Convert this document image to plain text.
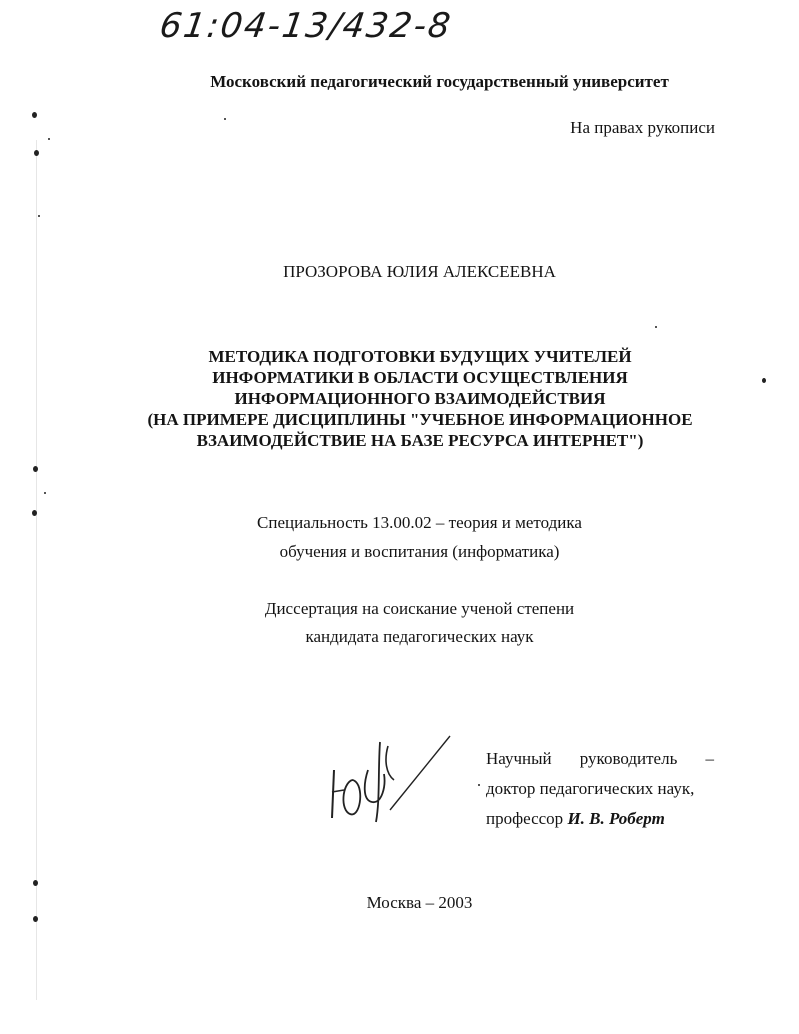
61:04-13/432-8
Московский педагогический государственный университет
На правах рукописи
ПРОЗОРОВА ЮЛИЯ АЛЕКСЕЕВНА
МЕТОДИКА ПОДГОТОВКИ БУДУЩИХ УЧИТЕЛЕЙ
ИНФОРМАТИКИ В ОБЛАСТИ ОСУЩЕСТВЛЕНИЯ
ИНФОРМАЦИОННОГО ВЗАИМОДЕЙСТВИЯ
(НА ПРИМЕРЕ ДИСЦИПЛИНЫ "УЧЕБНОЕ ИНФОРМАЦИОННОЕ
ВЗАИМОДЕЙСТВИЕ НА БАЗЕ РЕСУРСА ИНТЕРНЕТ")
Специальность 13.00.02 – теория и методика
обучения и воспитания (информатика)
Диссертация на соискание ученой степени
кандидата педагогических наук
Научный руководитель –
доктор педагогических наук,
профессор И. В. Роберт
Москва – 2003
